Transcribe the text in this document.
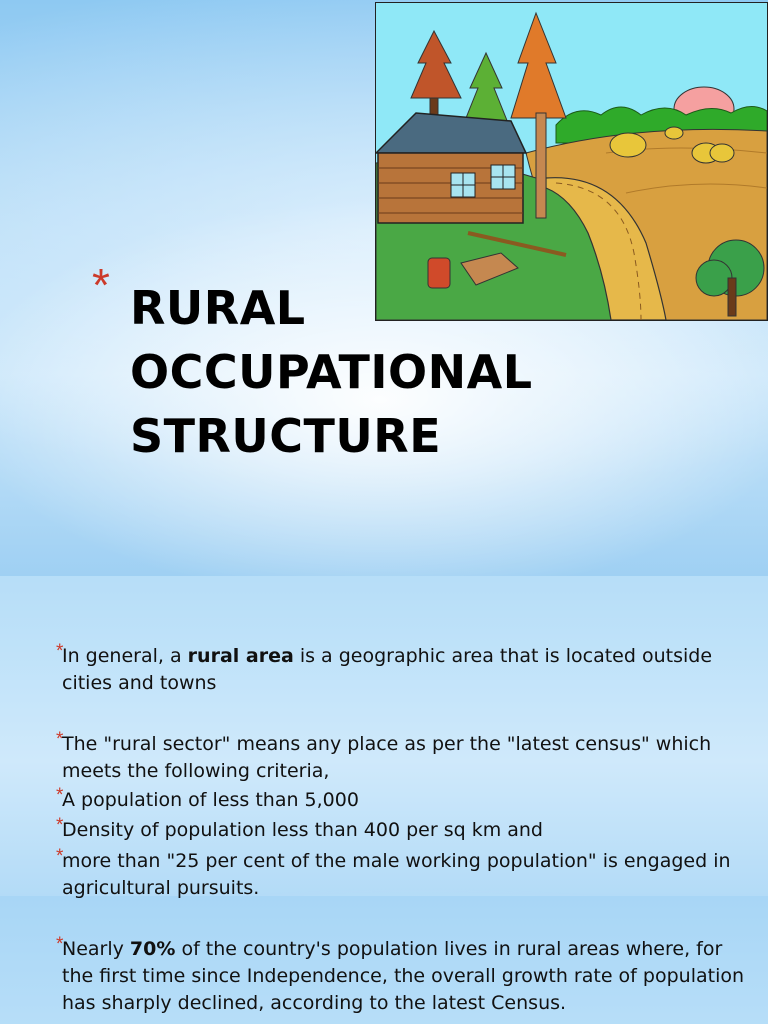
* RURAL
OCCUPATIONAL
STRUCTURE
*
In general, a rural area is a geographic area that is located outside cities and towns
*
The "rural sector" means any place as per the "latest census" which meets the following criteria,
*
A population of less than 5,000
*
Density of population less than 400 per sq km and
*
more than "25 per cent of the male working population" is engaged in agricultural pursuits.
*
Nearly 70% of the country's population lives in rural areas where, for the first time since Independence, the overall growth rate of population has sharply declined, according to the latest Census.
